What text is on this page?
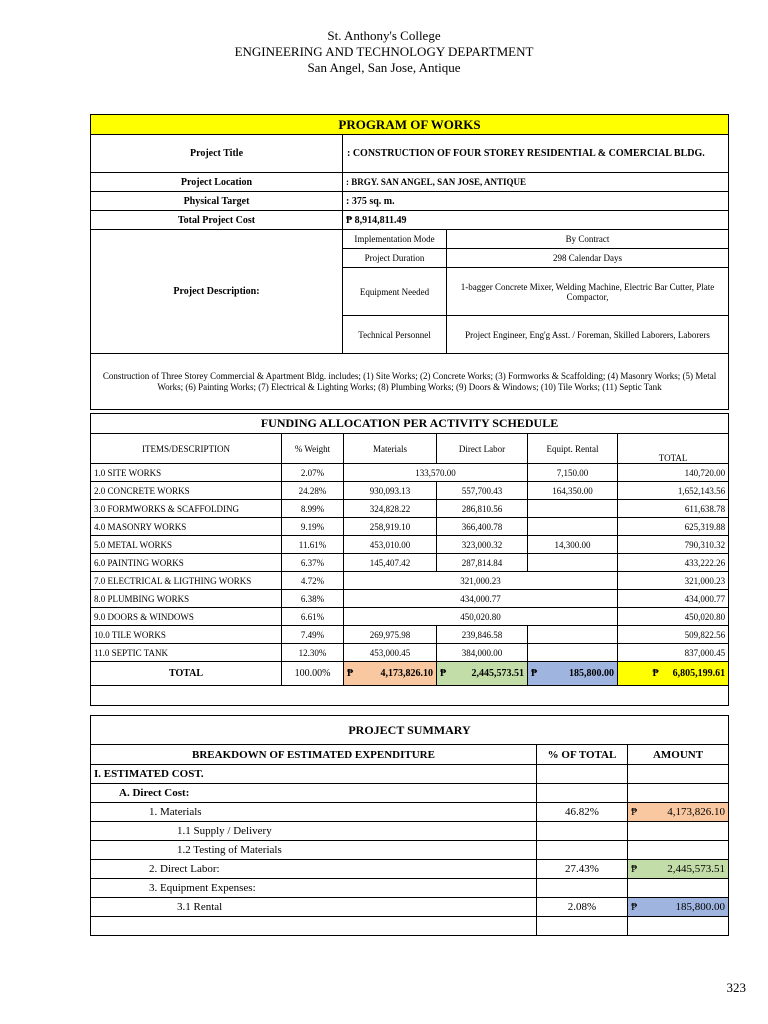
St. Anthony's College
ENGINEERING AND TECHNOLOGY DEPARTMENT
San Angel, San Jose, Antique
PROGRAM OF WORKS		
Project Title	: CONSTRUCTION OF FOUR STOREY RESIDENTIAL & COMERCIAL BLDG.	
Project Location	: BRGY. SAN ANGEL, SAN JOSE, ANTIQUE	
Physical Target	: 375 sq. m.	
Total Project Cost	₱ 8,914,811.49	
Project Description:	Implementation Mode	By Contract
	Project Duration	298 Calendar Days
	Equipment Needed	1-bagger Concrete Mixer, Welding Machine, Electric Bar Cutter, Plate Compactor,
	Technical Personnel	Project Engineer, Eng'g Asst. / Foreman, Skilled Laborers, Laborers
Construction of Three Storey Commercial & Apartment Bldg. includes; (1) Site Works; (2) Concrete Works; (3) Formworks & Scaffolding; (4) Masonry Works; (5) Metal Works; (6) Painting Works; (7) Electrical & Lighting Works; (8) Plumbing Works; (9) Doors & Windows; (10) Tile Works; (11) Septic Tank		
FUNDING ALLOCATION PER ACTIVITY SCHEDULE					
ITEMS/DESCRIPTION	% Weight	Materials	Direct Labor	Equipt. Rental	TOTAL
1.0 SITE WORKS	2.07%	133,570.00		7,150.00	140,720.00
2.0 CONCRETE WORKS	24.28%	930,093.13	557,700.43	164,350.00	1,652,143.56
3.0 FORMWORKS & SCAFFOLDING	8.99%	324,828.22	286,810.56		611,638.78
4.0 MASONRY WORKS	9.19%	258,919.10	366,400.78		625,319.88
5.0 METAL WORKS	11.61%	453,010.00	323,000.32	14,300.00	790,310.32
6.0 PAINTING WORKS	6.37%	145,407.42	287,814.84		433,222.26
7.0 ELECTRICAL & LIGTHING WORKS	4.72%	321,000.23			321,000.23
8.0 PLUMBING WORKS	6.38%	434,000.77			434,000.77
9.0 DOORS & WINDOWS	6.61%	450,020.80			450,020.80
10.0 TILE WORKS	7.49%	269,975.98	239,846.58		509,822.56
11.0 SEPTIC TANK	12.30%	453,000.45	384,000.00		837,000.45
TOTAL	100.00%	₱ 4,173,826.10	₱ 2,445,573.51	₱ 185,800.00	₱ 6,805,199.61

PROJECT SUMMARY		
BREAKDOWN OF ESTIMATED EXPENDITURE	% OF TOTAL	AMOUNT
I. ESTIMATED COST.		
A. Direct Cost:		
1. Materials	46.82%	₱ 4,173,826.10

1.1 Supply / Delivery		
1.2 Testing of Materials		
2. Direct Labor:	27.43%	₱ 2,445,573.51

3. Equipment Expenses:		
3.1 Rental	2.08%	₱ 185,800.00

323
